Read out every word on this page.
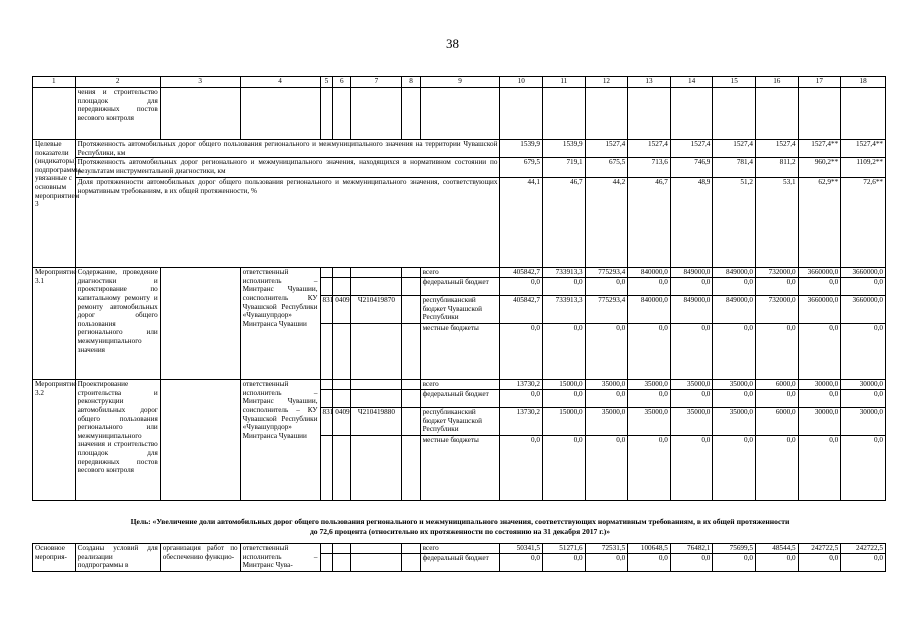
38
1	2	3	4	5	6	7	8	9	10	11	12	13	14	15	16	17	18
	чения и строительство площадок для передвижных постов весового контроля																
Целевые показатели (индикаторы) подпрограммы, увязанные с основным мероприятием 3	Протяженность автомобильных дорог общего пользования регионального и межмуниципального значения на территории Чувашской Республики, км								1539,9	1539,9	1527,4	1527,4	1527,4	1527,4	1527,4	1527,4**	1527,4**
	Протяженность автомобильных дорог регионального и межмуниципального значения, находящихся в нормативном состоянии по результатам инструментальной диагностики, км								679,5	719,1	675,5	713,6	746,9	781,4	811,2	960,2**	1109,2**
	Доля протяженности автомобильных дорог общего пользования регионального и межмуниципального значения, соответствующих нормативным требованиям, в их общей протяженности, %								44,1	46,7	44,2	46,7	48,9	51,2	53,1	62,9**	72,6**
Мероприятие 3.1	Содержание, проведение диагностики и проектирование по капитальному ремонту и ремонту автомобильных дорог общего пользования регионального или межмуниципального значения		ответственный исполнитель – Минтранс Чувашии, соисполнитель КУ Чувашской Республики «Чувашупрдор» Минтранса Чувашии					всего	405842,7	733913,3	775293,4	840000,0	849000,0	849000,0	732000,0	3660000,0	3660000,0
								федеральный бюджет	0,0	0,0	0,0	0,0	0,0	0,0	0,0	0,0	0,0
				831	0409	Ч210419870		республиканский бюджет Чувашской Республики	405842,7	733913,3	775293,4	840000,0	849000,0	849000,0	732000,0	3660000,0	3660000,0
								местные бюджеты	0,0	0,0	0,0	0,0	0,0	0,0	0,0	0,0	0,0
Мероприятие 3.2	Проектирование строительства и реконструкции автомобильных дорог общего пользования регионального или межмуниципального значения и строительство площадок для передвижных постов весового контроля		ответственный исполнитель – Минтранс Чувашии, соисполнитель – КУ Чувашской Республики «Чувашупрдор» Минтранса Чувашии					всего	13730,2	15000,0	35000,0	35000,0	35000,0	35000,0	6000,0	30000,0	30000,0
								федеральный бюджет	0,0	0,0	0,0	0,0	0,0	0,0	0,0	0,0	0,0
				831	0409	Ч210419880		республиканский бюджет Чувашской Республики	13730,2	15000,0	35000,0	35000,0	35000,0	35000,0	6000,0	30000,0	30000,0
								местные бюджеты	0,0	0,0	0,0	0,0	0,0	0,0	0,0	0,0	0,0
Цель: «Увеличение доли автомобильных дорог общего пользования регионального и межмуниципального значения, соответствующих нормативным требованиям, в их общей протяженности
до 72,6 процента (относительно их протяженности по состоянию на 31 декабря 2017 г.)»
Основное мероприя-	Созданы условий для реализации подпрограммы в	организация работ по обеспечению функцио-	ответственный исполнитель – Минтранс Чува-					всего	50341,5	51271,6	72531,5	100648,5	76482,1	75699,5	48544,5	242722,5	242722,5
								федеральный бюджет	0,0	0,0	0,0	0,0	0,0	0,0	0,0	0,0	0,0
